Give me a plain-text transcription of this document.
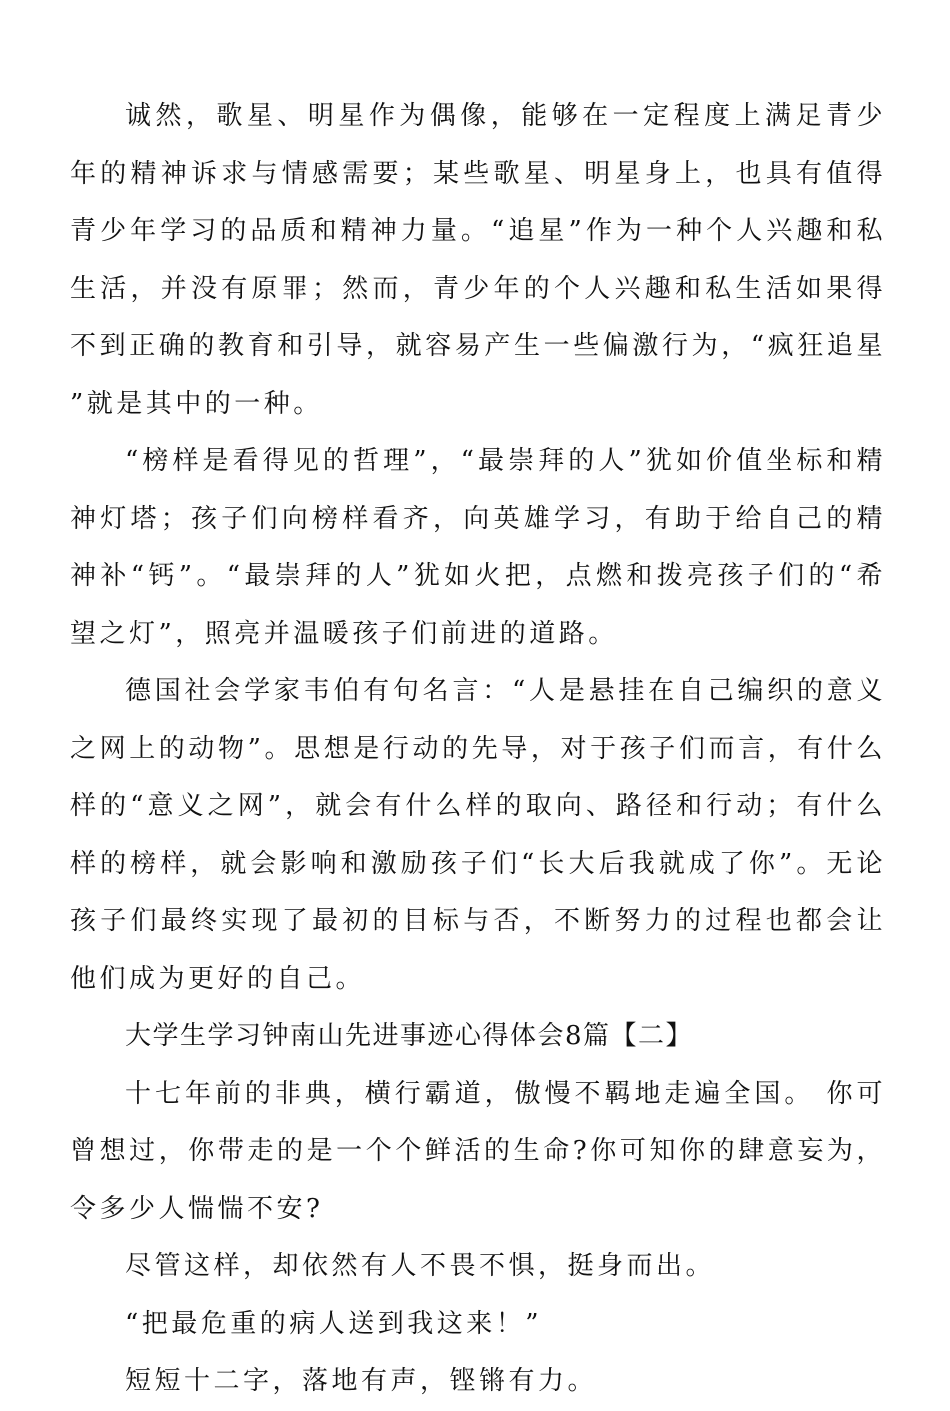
诚然，歌星、明星作为偶像，能够在一定程度上满足青少年的精神诉求与情感需要；某些歌星、明星身上，也具有值得青少年学习的品质和精神力量。“追星”作为一种个人兴趣和私生活，并没有原罪；然而，青少年的个人兴趣和私生活如果得不到正确的教育和引导，就容易产生一些偏激行为，“疯狂追星”就是其中的一种。

“榜样是看得见的哲理”，“最崇拜的人”犹如价值坐标和精神灯塔；孩子们向榜样看齐，向英雄学习，有助于给自己的精神补“钙”。“最崇拜的人”犹如火把，点燃和拨亮孩子们的“希望之灯”，照亮并温暖孩子们前进的道路。

德国社会学家韦伯有句名言：“人是悬挂在自己编织的意义之网上的动物”。思想是行动的先导，对于孩子们而言，有什么样的“意义之网”，就会有什么样的取向、路径和行动；有什么样的榜样，就会影响和激励孩子们“长大后我就成了你”。无论孩子们最终实现了最初的目标与否，不断努力的过程也都会让他们成为更好的自己。

大学生学习钟南山先进事迹心得体会8篇【二】

十七年前的非典，横行霸道，傲慢不羁地走遍全国。 你可曾想过，你带走的是一个个鲜活的生命?你可知你的肆意妄为，令多少人惴惴不安?

尽管这样，却依然有人不畏不惧，挺身而出。

“把最危重的病人送到我这来！”

短短十二字，落地有声，铿锵有力。
